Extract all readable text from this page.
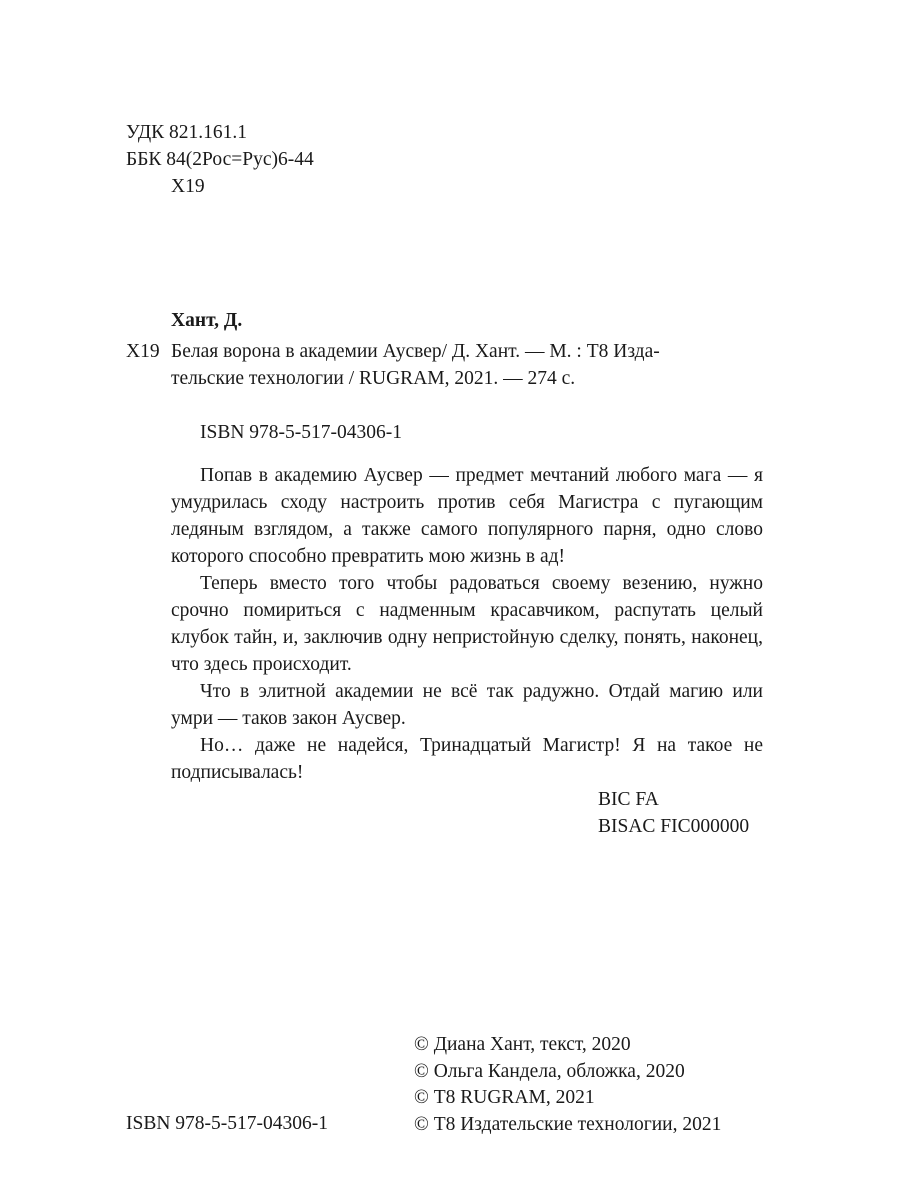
УДК 821.161.1
ББК 84(2Рос=Рус)6-44
Х19
Хант, Д.
Х19 Белая ворона в академии Аусвер/ Д. Хант. — М. : Т8 Изда-
тельские технологии / RUGRAM, 2021. — 274 с.
ISBN 978-5-517-04306-1

Попав в академию Аусвер — предмет мечтаний любого мага — я умудрилась сходу настроить против себя Магистра с пугающим ледяным взглядом, а также самого популярного парня, одно слово которого способно превратить мою жизнь в ад!

Теперь вместо того чтобы радоваться своему везению, нужно срочно помириться с надменным красавчиком, распутать целый клубок тайн, и, заключив одну непристойную сделку, понять, наконец, что здесь происходит.

Что в элитной академии не всё так радужно. Отдай магию или умри — таков закон Аусвер.

Но… даже не надейся, Тринадцатый Магистр! Я на такое не подписывалась!

BIC FA
BISAC FIC000000
© Диана Хант, текст, 2020
© Ольга Кандела, обложка, 2020
© Т8 RUGRAM, 2021
© Т8 Издательские технологии, 2021
ISBN 978-5-517-04306-1
